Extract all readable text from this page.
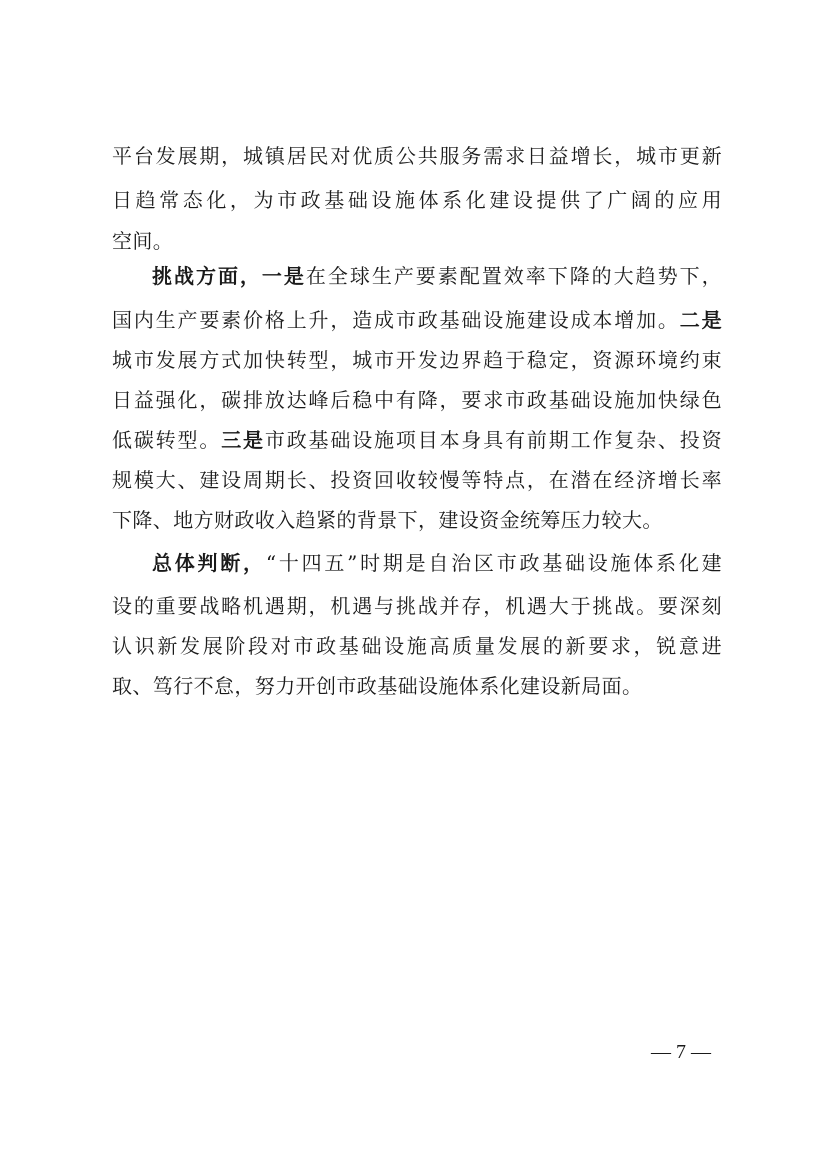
平台发展期，城镇居民对优质公共服务需求日益增长，城市更新
日趋常态化，为市政基础设施体系化建设提供了广阔的应用
空间。
挑战方面，一是在全球生产要素配置效率下降的大趋势下，
国内生产要素价格上升，造成市政基础设施建设成本增加。二是
城市发展方式加快转型，城市开发边界趋于稳定，资源环境约束
日益强化，碳排放达峰后稳中有降，要求市政基础设施加快绿色
低碳转型。三是市政基础设施项目本身具有前期工作复杂、投资
规模大、建设周期长、投资回收较慢等特点，在潜在经济增长率
下降、地方财政收入趋紧的背景下，建设资金统筹压力较大。
总体判断，“十四五”时期是自治区市政基础设施体系化建
设的重要战略机遇期，机遇与挑战并存，机遇大于挑战。要深刻
认识新发展阶段对市政基础设施高质量发展的新要求，锐意进
取、笃行不怠，努力开创市政基础设施体系化建设新局面。
— 7 —
